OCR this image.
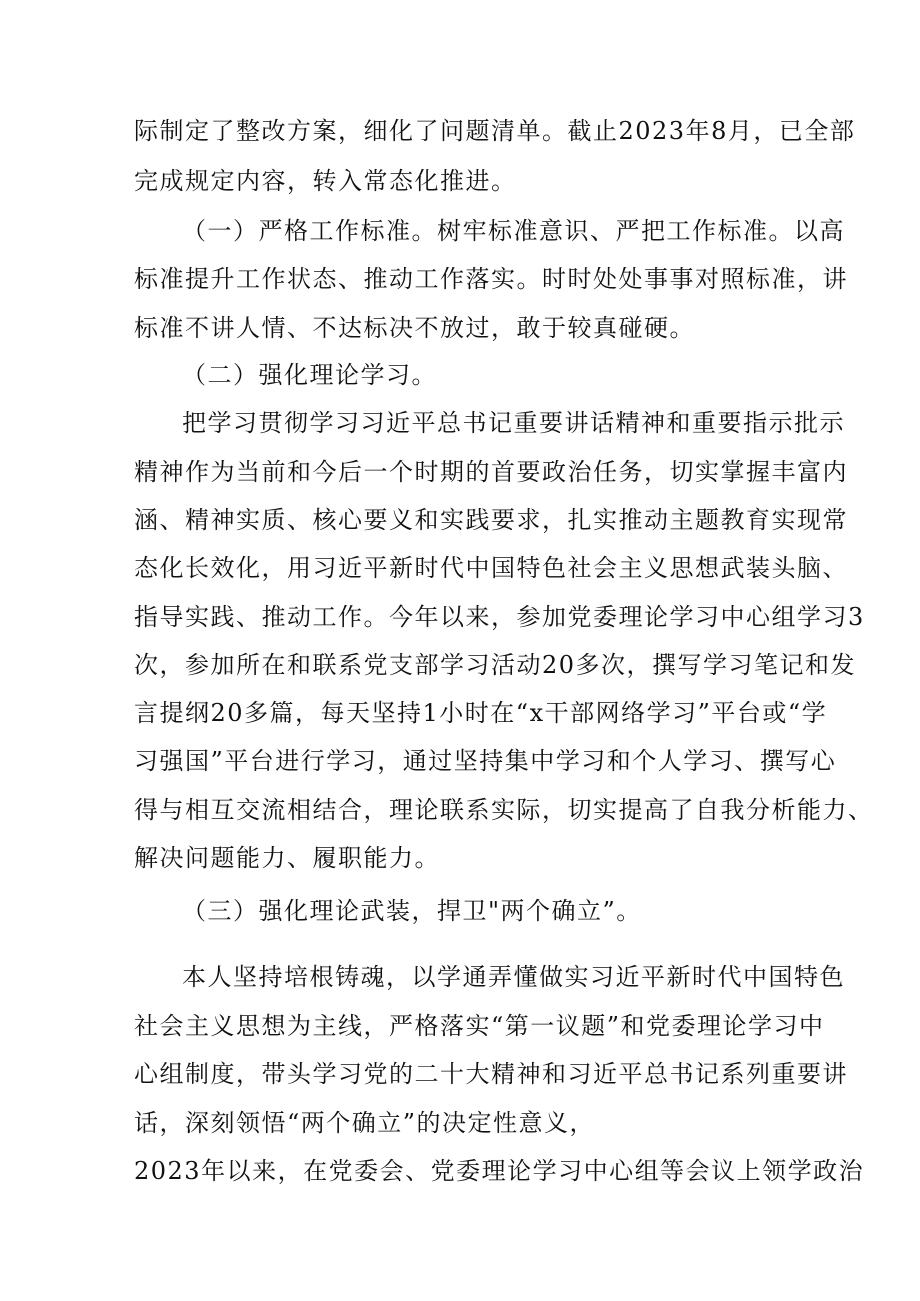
际制定了整改方案，细化了问题清单。截止2023年8月，已全部
完成规定内容，转入常态化推进。
（一）严格工作标准。树牢标准意识、严把工作标准。以高
标准提升工作状态、推动工作落实。时时处处事事对照标准，讲
标准不讲人情、不达标决不放过，敢于较真碰硬。
（二）强化理论学习。
把学习贯彻学习习近平总书记重要讲话精神和重要指示批示
精神作为当前和今后一个时期的首要政治任务，切实掌握丰富内
涵、精神实质、核心要义和实践要求，扎实推动主题教育实现常
态化长效化，用习近平新时代中国特色社会主义思想武装头脑、
指导实践、推动工作。今年以来，参加党委理论学习中心组学习3
次，参加所在和联系党支部学习活动20多次，撰写学习笔记和发
言提纲20多篇，每天坚持1小时在“x干部网络学习”平台或“学
习强国”平台进行学习，通过坚持集中学习和个人学习、撰写心
得与相互交流相结合，理论联系实际，切实提高了自我分析能力、
解决问题能力、履职能力。
（三）强化理论武装，捍卫"两个确立”。
本人坚持培根铸魂，以学通弄懂做实习近平新时代中国特色
社会主义思想为主线，严格落实“第一议题”和党委理论学习中
心组制度，带头学习党的二十大精神和习近平总书记系列重要讲
话，深刻领悟“两个确立”的决定性意义，
2023年以来，在党委会、党委理论学习中心组等会议上领学政治
